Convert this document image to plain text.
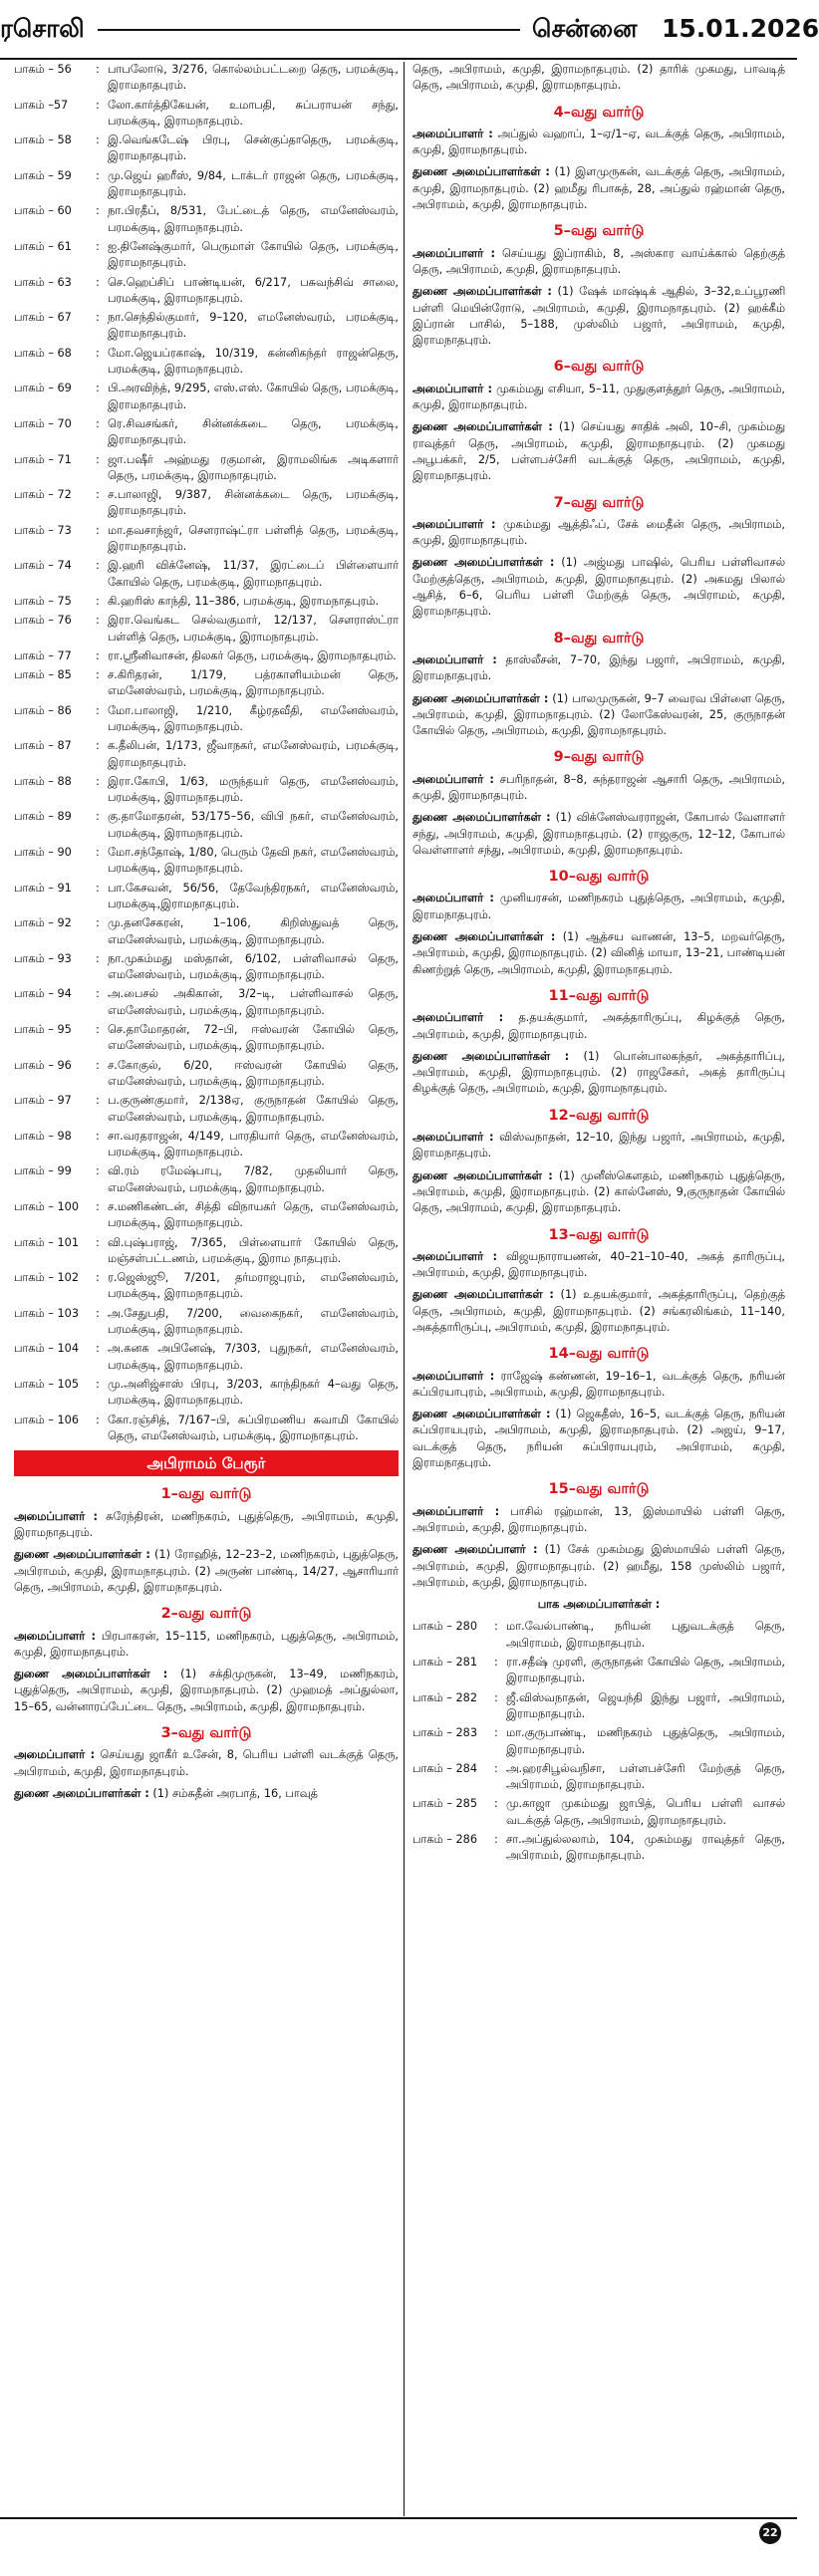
ரசொலி	சென்னை 15.01.2026
பாகம் – 56	: பாபலோடு, 3/276, கொல்லம்பட்டறை தெரு, பரமக்குடி, இராமநாதபுரம்.
பாகம் –57	: லோ.கார்த்திகேயன், உமாபதி, சுப்பராயன் சந்து, பரமக்குடி, இராமநாதபுரம்.
பாகம் – 58	: இ.வெங்கடேஷ் பிரபு, சென்குப்தாதெரு, பரமக்குடி, இராமநாதபுரம்.
பாகம் – 59	: மு.ஜெய் ஹரீஸ், 9/84, டாக்டர் ராஜன் தெரு, பரமக்குடி, இராமநாதபுரம்.
பாகம் – 60	: நா.பிரதீப், 8/531, பேட்டைத் தெரு, எமனேஸ்வரம், பரமக்குடி, இராமநாதபுரம்.
பாகம் – 61	: ஐ.தினேஷ்குமார், பெருமாள் கோயில் தெரு, பரமக்குடி, இராமநாதபுரம்.
பாகம் – 63	: செ.ஹெப்சிப் பாண்டியன், 6/217, பசுவந்சிவ் சாலை, பரமக்குடி, இராமநாதபுரம்.
பாகம் – 67	: நா.செந்தில்குமார், 9–120, எமனேஸ்வரம், பரமக்குடி, இராமநாதபுரம்.
பாகம் – 68	: மோ.ஜெயப்ரகாஷ், 10/319, கன்னிகந்தர் ராஜன்தெரு, பரமக்குடி, இராமநாதபுரம்.
பாகம் – 69	: பி.அரவிந்த், 9/295, எஸ்.எஸ். கோயில் தெரு, பரமக்குடி, இராமநாதபுரம்.
பாகம் – 70	: ரெ.சிவசங்கர், சின்னக்கடை தெரு, பரமக்குடி, இராமநாதபுரம்.
பாகம் – 71	: ஜா.பஷீர் அஹ்மது ரகுமான், இராமலிங்க அடிகளார் தெரு, பரமக்குடி, இராமநாதபுரம்.
பாகம் – 72	: ச.பாலாஜி, 9/387, சின்னக்கடை தெரு, பரமக்குடி, இராமநாதபுரம்.
பாகம் – 73	: மா.தவசாந்ஜர், சௌராஷ்ட்ரா பள்ளித் தெரு, பரமக்குடி, இராமநாதபுரம்.
பாகம் – 74	: இ.ஹரி விக்னேஷ், 11/37, இரட்டைப் பிள்ளையார் கோயில் தெரு, பரமக்குடி, இராமநாதபுரம்.
பாகம் – 75	: கி.ஹரிஸ் காந்தி, 11–386, பரமக்குடி, இராமநாதபுரம்.
பாகம் – 76	: இரா.வெங்கட செல்வகுமார், 12/137, சௌராஸ்ட்ரா பள்ளித் தெரு, பரமக்குடி, இராமநாதபுரம்.
பாகம் – 77	: ரா.ஸ்ரீனிவாசன், திலகர் தெரு, பரமக்குடி, இராமநாதபுரம்.
பாகம் – 85	: ச.கிரிதரன், 1/179, பத்ரகாளியம்மன் தெரு, எமனேஸ்வரம், பரமக்குடி, இராமநாதபுரம்.
பாகம் – 86	: மோ.பாலாஜி, 1/210, கீழ்ரதவீதி, எமனேஸ்வரம், பரமக்குடி, இராமநாதபுரம்.
பாகம் – 87	: க.தீலிபன், 1/173, ஜீவாநகர், எமனேஸ்வரம், பரமக்குடி, இராமநாதபுரம்.
பாகம் – 88	: இரா.கோபி, 1/63, மருந்தயர் தெரு, எமனேஸ்வரம், பரமக்குடி, இராமநாதபுரம்.
பாகம் – 89	: கு.தாமோதரன், 53/175–56, விபி நகர், எமனேஸ்வரம், பரமக்குடி, இராமநாதபுரம்.
பாகம் – 90	: மோ.சந்தோஷ், 1/80, பெரும் தேவி நகர், எமனேஸ்வரம், பரமக்குடி, இராமநாதபுரம்.
பாகம் – 91	: பா.கேசவன், 56/56, தேவேந்திரநகர், எமனேஸ்வரம், பரமக்குடி,இராமநாதபுரம்.
பாகம் – 92	: மு.தனசேகரன், 1–106, கிறிஸ்துவத் தெரு, எமனேஸ்வரம், பரமக்குடி, இராமநாதபுரம்.
பாகம் – 93	: நா.முகம்மது மஸ்தான், 6/102, பள்ளிவாசல் தெரு, எமனேஸ்வரம், பரமக்குடி, இராமநாதபுரம்.
பாகம் – 94	: அ.பைசல் அகிகான், 3/2–டி, பள்ளிவாசல் தெரு, எமனேஸ்வரம், பரமக்குடி, இராமநாதபுரம்.
பாகம் – 95	: செ.தாமோதரன், 72–பி, ஈஸ்வரன் கோயில் தெரு, எமனேஸ்வரம், பரமக்குடி, இராமநாதபுரம்.
பாகம் – 96	: ச.கோகுல், 6/20, ஈஸ்வரன் கோயில் தெரு, எமனேஸ்வரம், பரமக்குடி, இராமநாதபுரம்.
பாகம் – 97	: ப.குருண்குமார், 2/138ஏ, குருநாதன் கோயில் தெரு, எமனேஸ்வரம், பரமக்குடி, இராமநாதபுரம்.
பாகம் – 98	: சா.வரதராஜன், 4/149, பாரதியார் தெரு, எமனேஸ்வரம், பரமக்குடி, இராமநாதபுரம்.
பாகம் – 99	: வி.ரம் ரமேஷ்பாபு, 7/82, முதலியார் தெரு, எமனேஸ்வரம், பரமக்குடி, இராமநாதபுரம்.
பாகம் – 100	: ச.மணிகண்டன், சித்தி விநாயகர் தெரு, எமனேஸ்வரம், பரமக்குடி, இராமநாதபுரம்.
பாகம் – 101	: வி.புஷ்பராஜ், 7/365, பிள்ளையார் கோயில் தெரு, மஞ்சள்பட்டணம், பரமக்குடி, இராம நாதபுரம்.
பாகம் – 102	: ர.ஜெஸ்ஜூ, 7/201, தர்மராஜபுரம், எமனேஸ்வரம், பரமக்குடி, இராமநாதபுரம்.
பாகம் – 103	: அ.சேதுபதி, 7/200, வைகைநகர், எமனேஸ்வரம், பரமக்குடி, இராமநாதபுரம்.
பாகம் – 104	: அ.கனக அபினேஷ், 7/303, புதுநகர், எமனேஸ்வரம், பரமக்குடி, இராமநாதபுரம்.
பாகம் – 105	: மு.அனிஜ்சாஸ் பிரபு, 3/203, காந்திநகர் 4–வது தெரு, பரமக்குடி, இராமநாதபுரம்.
பாகம் – 106	: கோ.ரஞ்சித், 7/167–பி, சுப்பிரமணிய சுவாமி கோயில் தெரு, எமனேஸ்வரம், பரமக்குடி, இராமநாதபுரம்.
அபிராமம் பேரூர்
1–வது வார்டு
அமைப்பாளர் : சுரேந்திரன், மணிநகரம், புதுத்தெரு, அபிராமம், கமுதி, இராமநாதபுரம்.
துணை அமைப்பாளர்கள் : (1) ரோஹித், 12–23–2, மணிநகரம், புதுத்தெரு, அபிராமம், கமுதி, இராமநாதபுரம். (2) அருண் பாண்டி, 14/27, ஆசாரியார் தெரு, அபிராமம், கமுதி, இராமநாதபுரம்.
2–வது வார்டு
அமைப்பாளர் : பிரபாகரன், 15–115, மணிநகரம், புதுத்தெரு, அபிராமம், கமுதி, இராமநாதபுரம்.
துணை அமைப்பாளர்கள் : (1) சக்திமுருகன், 13–49, மணிநகரம், புதுத்தெரு, அபிராமம், கமுதி, இராமநாதபுரம். (2) முஹமத் அப்துல்லா, 15–65, வன்னாரப்பேட்டை தெரு, அபிராமம், கமுதி, இராமநாதபுரம்.
3–வது வார்டு
அமைப்பாளர் : செய்யது ஜாகீர் உசேன், 8, பெரிய பள்ளி வடக்குத் தெரு, அபிராமம், கமுதி, இராமநாதபுரம்.
துணை அமைப்பாளர்கள் : (1) சம்சுதீன் அரபாத், 16, பாவுத்
தெரு, அபிராமம், கமுதி, இராமநாதபுரம். (2) தாரிக் முகமது, பாவடித் தெரு, அபிராமம், கமுதி, இராமநாதபுரம்.
4–வது வார்டு
அமைப்பாளர் : அப்துல் வஹாப், 1–ஏ/1–ஏ, வடக்குத் தெரு, அபிராமம், கமுதி, இராமநாதபுரம்.
துணை அமைப்பாளர்கள் : (1) இளமுருகன், வடக்குத் தெரு, அபிராமம், கமுதி, இராமநாதபுரம். (2) ஹமீது ரிபாசுத், 28, அப்துல் ரஹ்மான் தெரு, அபிராமம், கமுதி, இராமநாதபுரம்.
5–வது வார்டு
அமைப்பாளர் : செய்யது இப்ராகிம், 8, அஸ்கார வாய்க்கால் தெற்குத் தெரு, அபிராமம், கமுதி, இராமநாதபுரம்.
துணை அமைப்பாளர்கள் : (1) ஷேக் மாஷ்டிக் ஆதில், 3–32,உப்பூரணி பள்ளி மெயின்ரோடு, அபிராமம், கமுதி, இராமநாதபுரம். (2) ஹக்கீம் இப்ரான் பாசில், 5–188, முஸ்லிம் பஜார், அபிராமம், கமுதி, இராமநாதபுரம்.
6–வது வார்டு
அமைப்பாளர் : முகம்மது எசியா, 5–11, முதுகுளத்தூர் தெரு, அபிராமம், கமுதி, இராமநாதபுரம்.
துணை அமைப்பாளர்கள் : (1) செய்யது சாதிக் அலி, 10–சி, முகம்மது ராவுத்தர் தெரு, அபிராமம், கமுதி, இராமநாதபுரம். (2) முகமது அபூபக்கர், 2/5, பள்ளபச்சேரி வடக்குத் தெரு, அபிராமம், கமுதி, இராமநாதபுரம்.
7–வது வார்டு
அமைப்பாளர் : முகம்மது ஆத்திஃப், சேக் மைதீன் தெரு, அபிராமம், கமுதி, இராமநாதபுரம்.
துணை அமைப்பாளர்கள் : (1) அஜ்மது பாஷில், பெரிய பள்ளிவாசல் மேற்குத்தெரு, அபிராமம், கமுதி, இராமநாதபுரம். (2) அகமது பிலால் ஆசித், 6–6, பெரிய பள்ளி மேற்குத் தெரு, அபிராமம், கமுதி, இராமநாதபுரம்.
8–வது வார்டு
அமைப்பாளர் : தாஸ்லீசன், 7–70, இந்து பஜார், அபிராமம், கமுதி, இராமநாதபுரம்.
துணை அமைப்பாளர்கள் : (1) பாலமுருகன், 9–7 வைரவ பிள்ளை தெரு, அபிராமம், கமுதி, இராமநாதபுரம். (2) லோகேஸ்வரன், 25, குருநாதன் கோயில் தெரு, அபிராமம், கமுதி, இராமநாதபுரம்.
9–வது வார்டு
அமைப்பாளர் : சபரிநாதன், 8–8, சுந்தராஜன் ஆசாரி தெரு, அபிராமம், கமுதி, இராமநாதபுரம்.
துணை அமைப்பாளர்கள் : (1) விக்னேஸ்வரராஜன், கோபால் வேளாளர் சந்து, அபிராமம், கமுதி, இராமநாதபுரம். (2) ராஜகுரு, 12–12, கோபால் வெள்ளாளர் சந்து, அபிராமம், கமுதி, இராமநாதபுரம்.
10–வது வார்டு
அமைப்பாளர் : முனியரசன், மணிநகரம் புதுத்தெரு, அபிராமம், கமுதி, இராமநாதபுரம்.
துணை அமைப்பாளர்கள் : (1) ஆத்சய வாணன், 13–5, மறவர்தெரு, அபிராமம், கமுதி, இராமநாதபுரம். (2) வினித் மாயா, 13–21, பாண்டியன் கிணற்றுத் தெரு, அபிராமம், கமுதி, இராமநாதபுரம்.
11–வது வார்டு
அமைப்பாளர் : த.தயக்குமார், அகத்தாரிருப்பு, கிழக்குத் தெரு, அபிராமம், கமுதி, இராமநாதபுரம்.
துணை அமைப்பாளர்கள் : (1) பொன்பாலகந்தர், அகத்தாரிப்பு, அபிராமம், கமுதி, இராமநாதபுரம். (2) ராஜசேகர், அகத் தாரிருப்பு கிழக்குத் தெரு, அபிராமம், கமுதி, இராமநாதபுரம்.
12–வது வார்டு
அமைப்பாளர் : விஸ்வநாதன், 12–10, இந்து பஜார், அபிராமம், கமுதி, இராமநாதபுரம்.
துணை அமைப்பாளர்கள் : (1) முனீஸ்கௌதம், மணிநகரம் புதுத்தெரு, அபிராமம், கமுதி, இராமநாதபுரம். (2) கால்னேஸ், 9,குருநாதன் கோயில் தெரு, அபிராமம், கமுதி, இராமநாதபுரம்.
13–வது வார்டு
அமைப்பாளர் : விஜயநாராயணன், 40–21–10–40, அகத் தாரிருப்பு, அபிராமம், கமுதி, இராமநாதபுரம்.
துணை அமைப்பாளர்கள் : (1) உதயக்குமார், அகத்தாரிருப்பு, தெற்குத் தெரு, அபிராமம், கமுதி, இராமநாதபுரம். (2) சங்கரலிங்கம், 11–140, அகத்தாரிருப்பு, அபிராமம், கமுதி, இராமநாதபுரம்.
14–வது வார்டு
அமைப்பாளர் : ராஜேஷ் கண்ணன், 19–16–1, வடக்குத் தெரு, நரியன் சுப்பிரயாபுரம், அபிராமம், கமுதி, இராமநாதபுரம்.
துணை அமைப்பாளர்கள் : (1) ஜெகதீஸ், 16–5, வடக்குத் தெரு, நரியன் சுப்பிராயபுரம், அபிராமம், கமுதி, இராமநாதபுரம். (2) அஜய், 9–17, வடக்குத் தெரு, நரியன் சுப்பிராயபுரம், அபிராமம், கமுதி, இராமநாதபுரம்.
15–வது வார்டு
அமைப்பாளர் : பாசில் ரஹ்மான், 13, இஸ்மாயில் பள்ளி தெரு, அபிராமம், கமுதி, இராமநாதபுரம்.
துணை அமைப்பாளர் : (1) சேக் முகம்மது இஸ்மாயில் பள்ளி தெரு, அபிராமம், கமுதி, இராமநாதபுரம். (2) ஹமீது, 158 முஸ்லிம் பஜார், அபிராமம், கமுதி, இராமநாதபுரம்.
பாக அமைப்பாளர்கள் :
பாகம் – 280	: மா.வேல்பாண்டி, நரியன் புதுவடக்குத் தெரு, அபிராமம், இராமநாதபுரம்.
பாகம் – 281	: ரா.சதீஷ் முரளி, குருநாதன் கோயில் தெரு, அபிராமம், இராமநாதபுரம்.
பாகம் – 282	: ஜீ.விஸ்வநாதன், ஜெயந்தி இந்து பஜார், அபிராமம், இராமநாதபுரம்.
பாகம் – 283	: மா.குருபாண்டி, மணிநகரம் புதுத்தெரு, அபிராமம், இராமநாதபுரம்.
பாகம் – 284	: அ.ஹரசிபூல்வநிசா, பள்ளபச்சேரி மேற்குத் தெரு, அபிராமம், இராமநாதபுரம்.
பாகம் – 285	: மு.காஜா முகம்மது ஜாபித், பெரிய பள்ளி வாசல் வடக்குத் தெரு, அபிராமம், இராமநாதபுரம்.
பாகம் – 286	: சா.அப்துல்லலாம், 104, முகம்மது ராவுத்தர் தெரு, அபிராமம், இராமநாதபுரம்.
22
